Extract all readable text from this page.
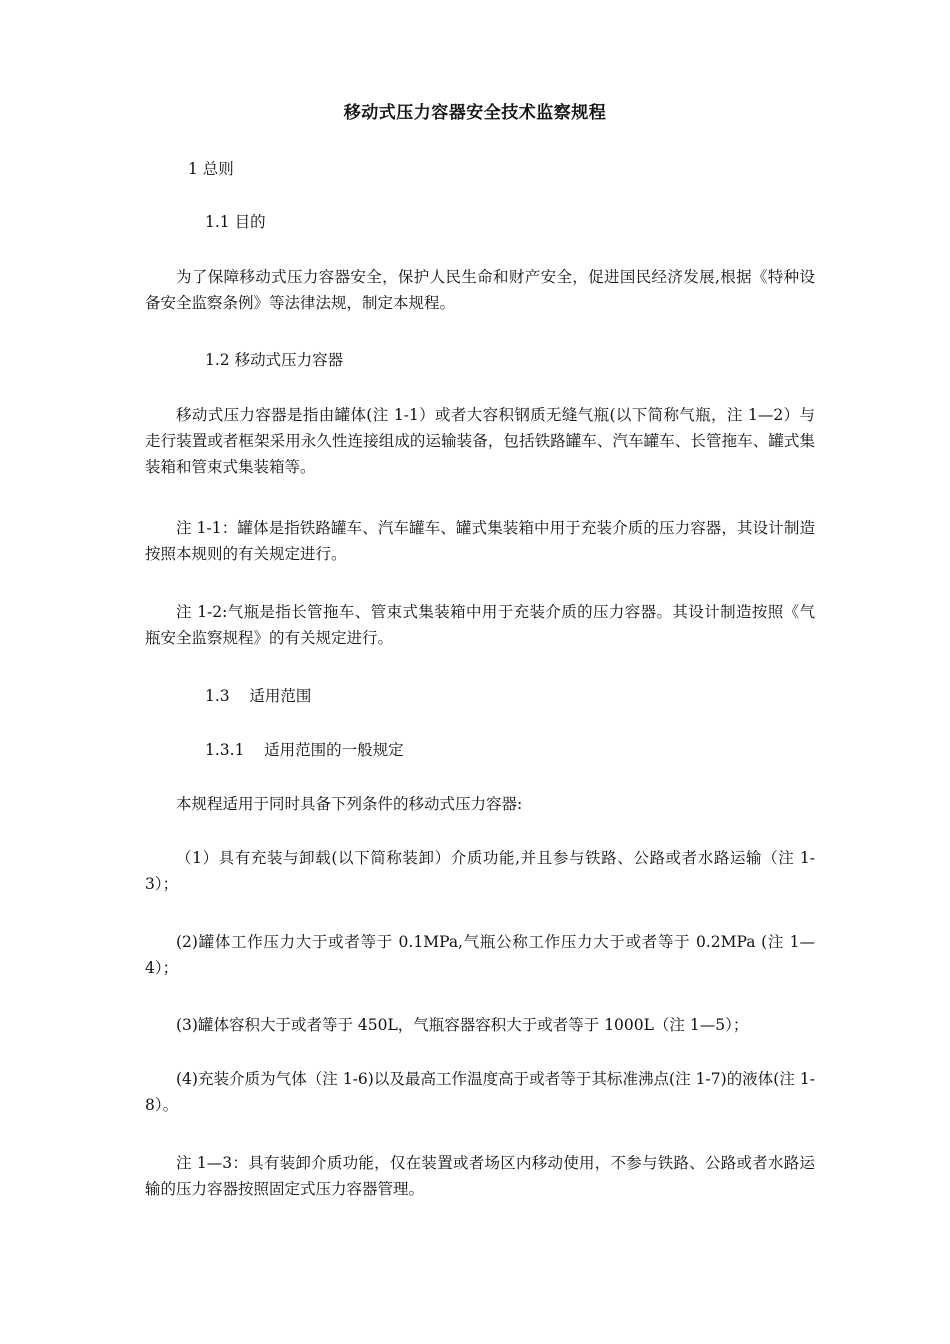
移动式压力容器安全技术监察规程
1 总则
1.1 目的
为了保障移动式压力容器安全，保护人民生命和财产安全，促进国民经济发展,根据《特种设备安全监察条例》等法律法规，制定本规程。
1.2 移动式压力容器
移动式压力容器是指由罐体(注 1-1）或者大容积钢质无缝气瓶(以下简称气瓶，注 1—2）与走行装置或者框架采用永久性连接组成的运输装备，包括铁路罐车、汽车罐车、长管拖车、罐式集装箱和管束式集装箱等。
注 1-1：罐体是指铁路罐车、汽车罐车、罐式集装箱中用于充装介质的压力容器，其设计制造按照本规则的有关规定进行。
注 1-2:气瓶是指长管拖车、管束式集装箱中用于充装介质的压力容器。其设计制造按照《气瓶安全监察规程》的有关规定进行。
1.3    适用范围
1.3.1    适用范围的一般规定
本规程适用于同时具备下列条件的移动式压力容器:
（1）具有充装与卸载(以下简称装卸）介质功能,并且参与铁路、公路或者水路运输（注 1-3）；
(2)罐体工作压力大于或者等于 0.1MPa,气瓶公称工作压力大于或者等于 0.2MPa (注 1—4）；
(3)罐体容积大于或者等于 450L，气瓶容器容积大于或者等于 1000L（注 1—5）；
(4)充装介质为气体（注 1-6)以及最高工作温度高于或者等于其标准沸点(注 1-7)的液体(注 1-8）。
注 1—3：具有装卸介质功能，仅在装置或者场区内移动使用，不参与铁路、公路或者水路运输的压力容器按照固定式压力容器管理。
